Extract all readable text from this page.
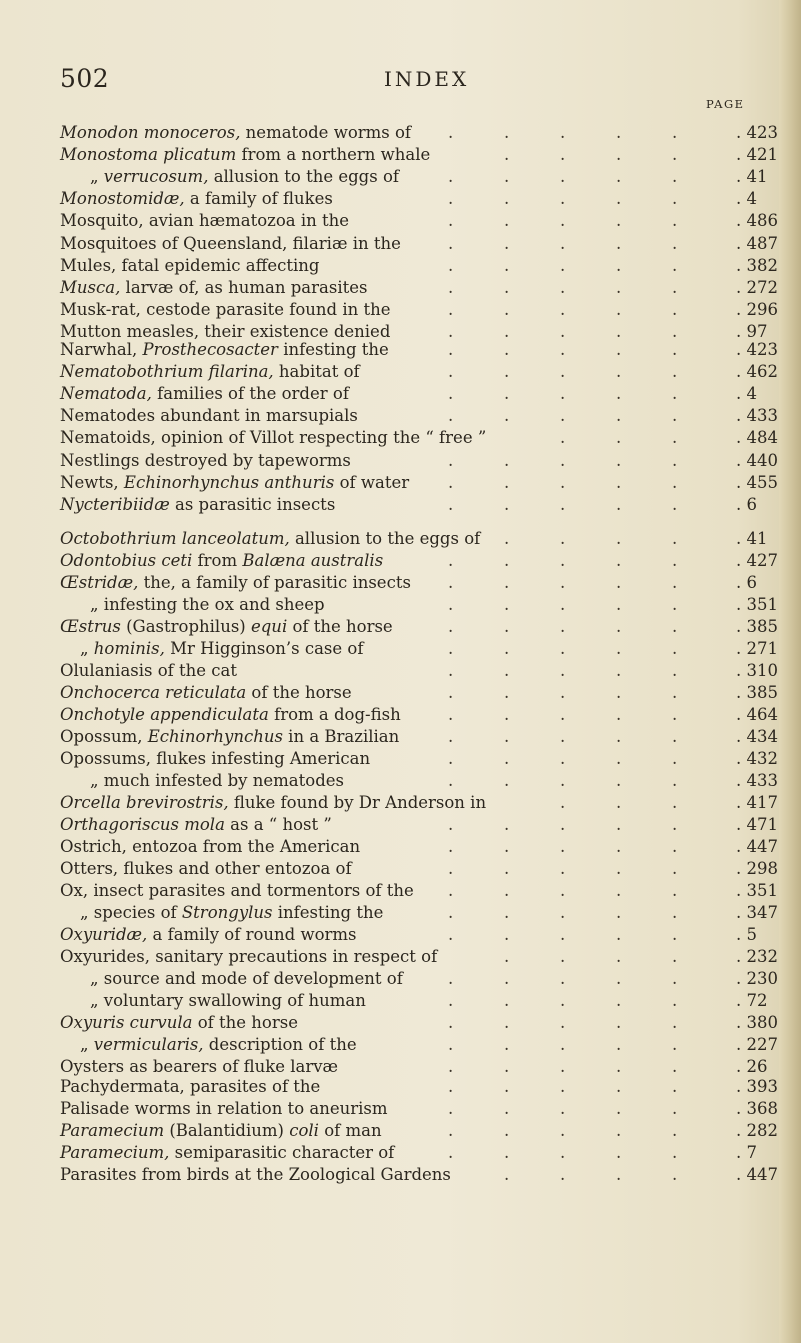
502	INDEX
PAGE
Monodon monoceros, nematode worms of	. 423
.	.	.	.	.
Monostoma plicatum from a northern whale	. 421
.	.	.	.
„ verrucosum, allusion to the eggs of	. 41
.	.	.	.	.
Monostomidæ, a family of flukes	. 4
.	.	.	.	.
Mosquito, avian hæmatozoa in the	. 486
.	.	.	.	.
Mosquitoes of Queensland, filariæ in the	. 487
.	.	.	.	.
Mules, fatal epidemic affecting	. 382
.	.	.	.	.
Musca, larvæ of, as human parasites	. 272
.	.	.	.	.
Musk-rat, cestode parasite found in the	. 296
.	.	.	.	.
Mutton measles, their existence denied	. 97
.	.	.	.	.
Narwhal, Prosthecosacter infesting the	. 423
.	.	.	.	.
Nematobothrium filarina, habitat of	. 462
.	.	.	.	.
Nematoda, families of the order of	. 4
.	.	.	.	.
Nematodes abundant in marsupials	. 433
.	.	.	.	.
Nematoids, opinion of Villot respecting the “ free ”	. 484
.	.	.
Nestlings destroyed by tapeworms	. 440
.	.	.	.	.
Newts, Echinorhynchus anthuris of water	. 455
.	.	.	.	.
Nycteribiidæ as parasitic insects	. 6
.	.	.	.	.
Octobothrium lanceolatum, allusion to the eggs of	. 41
.	.	.	.
Odontobius ceti from Balæna australis	. 427
.	.	.	.	.
Œstridæ, the, a family of parasitic insects	. 6
.	.	.	.	.
„ infesting the ox and sheep	. 351
.	.	.	.	.
Œstrus (Gastrophilus) equi of the horse	. 385
.	.	.	.	.
„ hominis, Mr Higginson’s case of	. 271
.	.	.	.	.
Olulaniasis of the cat	. 310
.	.	.	.	.
Onchocerca reticulata of the horse	. 385
.	.	.	.	.
Onchotyle appendiculata from a dog-fish	. 464
.	.	.	.	.
Opossum, Echinorhynchus in a Brazilian	. 434
.	.	.	.	.
Opossums, flukes infesting American	. 432
.	.	.	.	.
„ much infested by nematodes	. 433
.	.	.	.	.
Orcella brevirostris, fluke found by Dr Anderson in	. 417
.	.	.
Orthagoriscus mola as a “ host ”	. 471
.	.	.	.	.
Ostrich, entozoa from the American	. 447
.	.	.	.	.
Otters, flukes and other entozoa of	. 298
.	.	.	.	.
Ox, insect parasites and tormentors of the	. 351
.	.	.	.	.
„ species of Strongylus infesting the	. 347
.	.	.	.	.
Oxyuridæ, a family of round worms	. 5
.	.	.	.	.
Oxyurides, sanitary precautions in respect of	. 232
.	.	.	.
„ source and mode of development of	. 230
.	.	.	.	.
„ voluntary swallowing of human	. 72
.	.	.	.	.
Oxyuris curvula of the horse	. 380
.	.	.	.	.
„ vermicularis, description of the	. 227
.	.	.	.	.
Oysters as bearers of fluke larvæ	. 26
.	.	.	.	.
Pachydermata, parasites of the	. 393
.	.	.	.	.
Palisade worms in relation to aneurism	. 368
.	.	.	.	.
Paramecium (Balantidium) coli of man	. 282
.	.	.	.	.
Paramecium, semiparasitic character of	. 7
.	.	.	.	.
Parasites from birds at the Zoological Gardens	. 447
.	.	.	.
